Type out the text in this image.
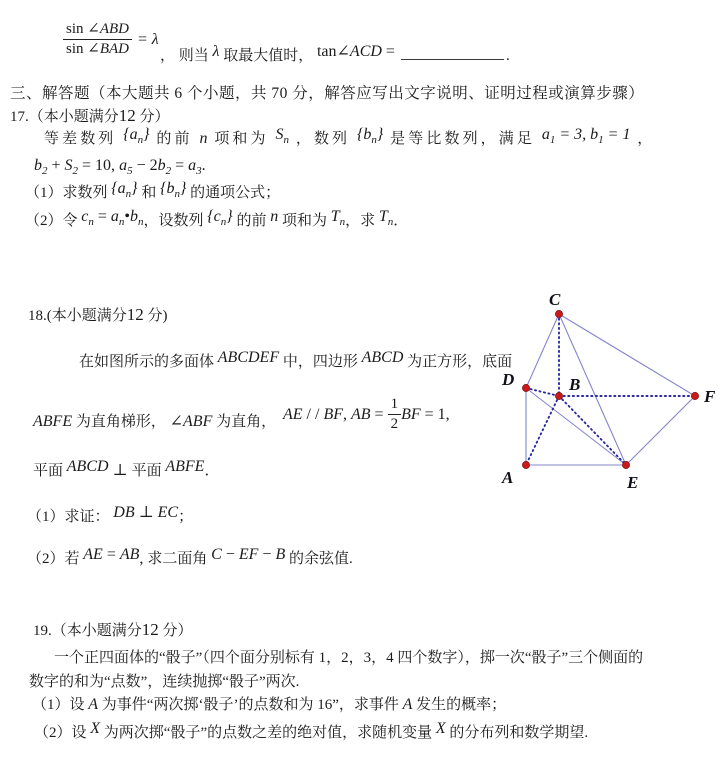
$\frac{\text{sin ∠ABD}}{\text{sin ∠BAD}} = \lambda$
， 则当 λ 取最大值时， tan∠ACD =	.
三、解答题（本大题共 6 个小题，共 70 分，解答应写出文字说明、证明过程或演算步骤）
17.（本小题满分12 分）
等差数列 $\{a_n\}$ 的前 n 项和为 $S_n$ ，数列 $\{b_n\}$ 是等比数列，满足 $a_1 = 3$, $b_1 = 1$ ，
$b_2 + S_2 = 10$, $a_5 - 2b_2 = a_3$.
（1）求数列 $\{a_n\}$ 和 $\{b_n\}$ 的通项公式；
（2）令 $c_n$ = $a_n•b_n$，设数列 $\{c_n\}$ 的前 n 项和为 $T_n$，求 $T_n$．
18.(本小题满分12 分)
在如图所示的多面体 ABCDEF 中，四边形 ABCD 为正方形，底面
ABFE 为直角梯形， ∠ABF 为直角， AE / / BF, AB = $\frac{1}{2}$ BF = 1,
平面 ABCD ⊥ 平面 ABFE．
（1）求证： DB ⊥ EC；
（2）若 AE = AB, 求二面角 C − EF − B 的余弦值.
C
D	B
F
A	E
19.（本小题满分12 分）
一个正四面体的“骰子”（四个面分别标有 1，2，3，4 四个数字），掷一次“骰子”三个侧面的
数字的和为“点数”，连续抛掷“骰子”两次.
（1）设 A 为事件“两次掷‘骰子’的点数和为 16”，求事件 A 发生的概率；
（2）设 X 为两次掷“骰子”的点数之差的绝对值，求随机变量 X 的分布列和数学期望.
